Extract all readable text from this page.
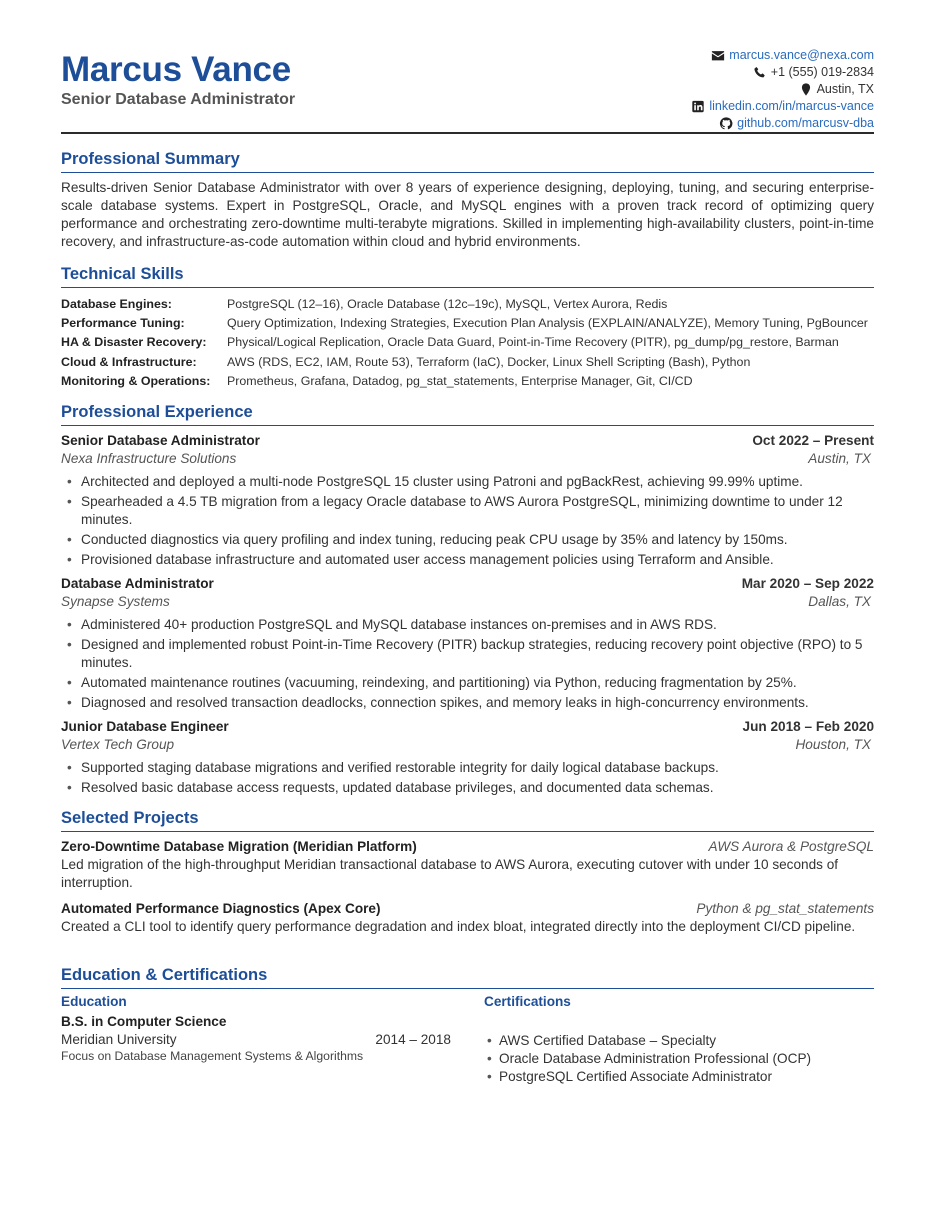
Marcus Vance
Senior Database Administrator
marcus.vance@nexa.com
+1 (555) 019-2834
Austin, TX
linkedin.com/in/marcus-vance
github.com/marcusv-dba
Professional Summary

Results-driven Senior Database Administrator with over 8 years of experience designing, deploying, tuning, and securing enterprise-scale database systems. Expert in PostgreSQL, Oracle, and MySQL engines with a proven track record of optimizing query performance and orchestrating zero-downtime multi-terabyte migrations. Skilled in implementing high-availability clusters, point-in-time recovery, and infrastructure-as-code automation within cloud and hybrid environments.

Technical Skills
Database Engines:	PostgreSQL (12–16), Oracle Database (12c–19c), MySQL, Vertex Aurora, Redis
Performance Tuning:	Query Optimization, Indexing Strategies, Execution Plan Analysis (EXPLAIN/ANALYZE), Memory Tuning, PgBouncer
HA & Disaster Recovery:	Physical/Logical Replication, Oracle Data Guard, Point-in-Time Recovery (PITR), pg_dump/pg_restore, Barman
Cloud & Infrastructure:	AWS (RDS, EC2, IAM, Route 53), Terraform (IaC), Docker, Linux Shell Scripting (Bash), Python
Monitoring & Operations:	Prometheus, Grafana, Datadog, pg_stat_statements, Enterprise Manager, Git, CI/CD
Professional Experience
Senior Database Administrator	Oct 2022 – Present
Nexa Infrastructure Solutions	Austin, TX
• Architected and deployed a multi-node PostgreSQL 15 cluster using Patroni and pgBackRest, achieving 99.99% uptime.
• Spearheaded a 4.5 TB migration from a legacy Oracle database to AWS Aurora PostgreSQL, minimizing downtime to under 12 minutes.
• Conducted diagnostics via query profiling and index tuning, reducing peak CPU usage by 35% and latency by 150ms.
• Provisioned database infrastructure and automated user access management policies using Terraform and Ansible.
Database Administrator	Mar 2020 – Sep 2022
Synapse Systems	Dallas, TX
• Administered 40+ production PostgreSQL and MySQL database instances on-premises and in AWS RDS.
• Designed and implemented robust Point-in-Time Recovery (PITR) backup strategies, reducing recovery point objective (RPO) to 5 minutes.
• Automated maintenance routines (vacuuming, reindexing, and partitioning) via Python, reducing fragmentation by 25%.
• Diagnosed and resolved transaction deadlocks, connection spikes, and memory leaks in high-concurrency environments.
Junior Database Engineer	Jun 2018 – Feb 2020
Vertex Tech Group	Houston, TX
• Supported staging database migrations and verified restorable integrity for daily logical database backups.
• Resolved basic database access requests, updated database privileges, and documented data schemas.
Selected Projects
Zero-Downtime Database Migration (Meridian Platform)	AWS Aurora & PostgreSQL

Led migration of the high-throughput Meridian transactional database to AWS Aurora, executing cutover with under 10 seconds of interruption.

Automated Performance Diagnostics (Apex Core)	Python & pg_stat_statements

Created a CLI tool to identify query performance degradation and index bloat, integrated directly into the deployment CI/CD pipeline.

Education & Certifications
Education
B.S. in Computer Science
Meridian University	2014 – 2018
Focus on Database Management Systems & Algorithms
Certifications
• AWS Certified Database – Specialty
• Oracle Database Administration Professional (OCP)
• PostgreSQL Certified Associate Administrator
